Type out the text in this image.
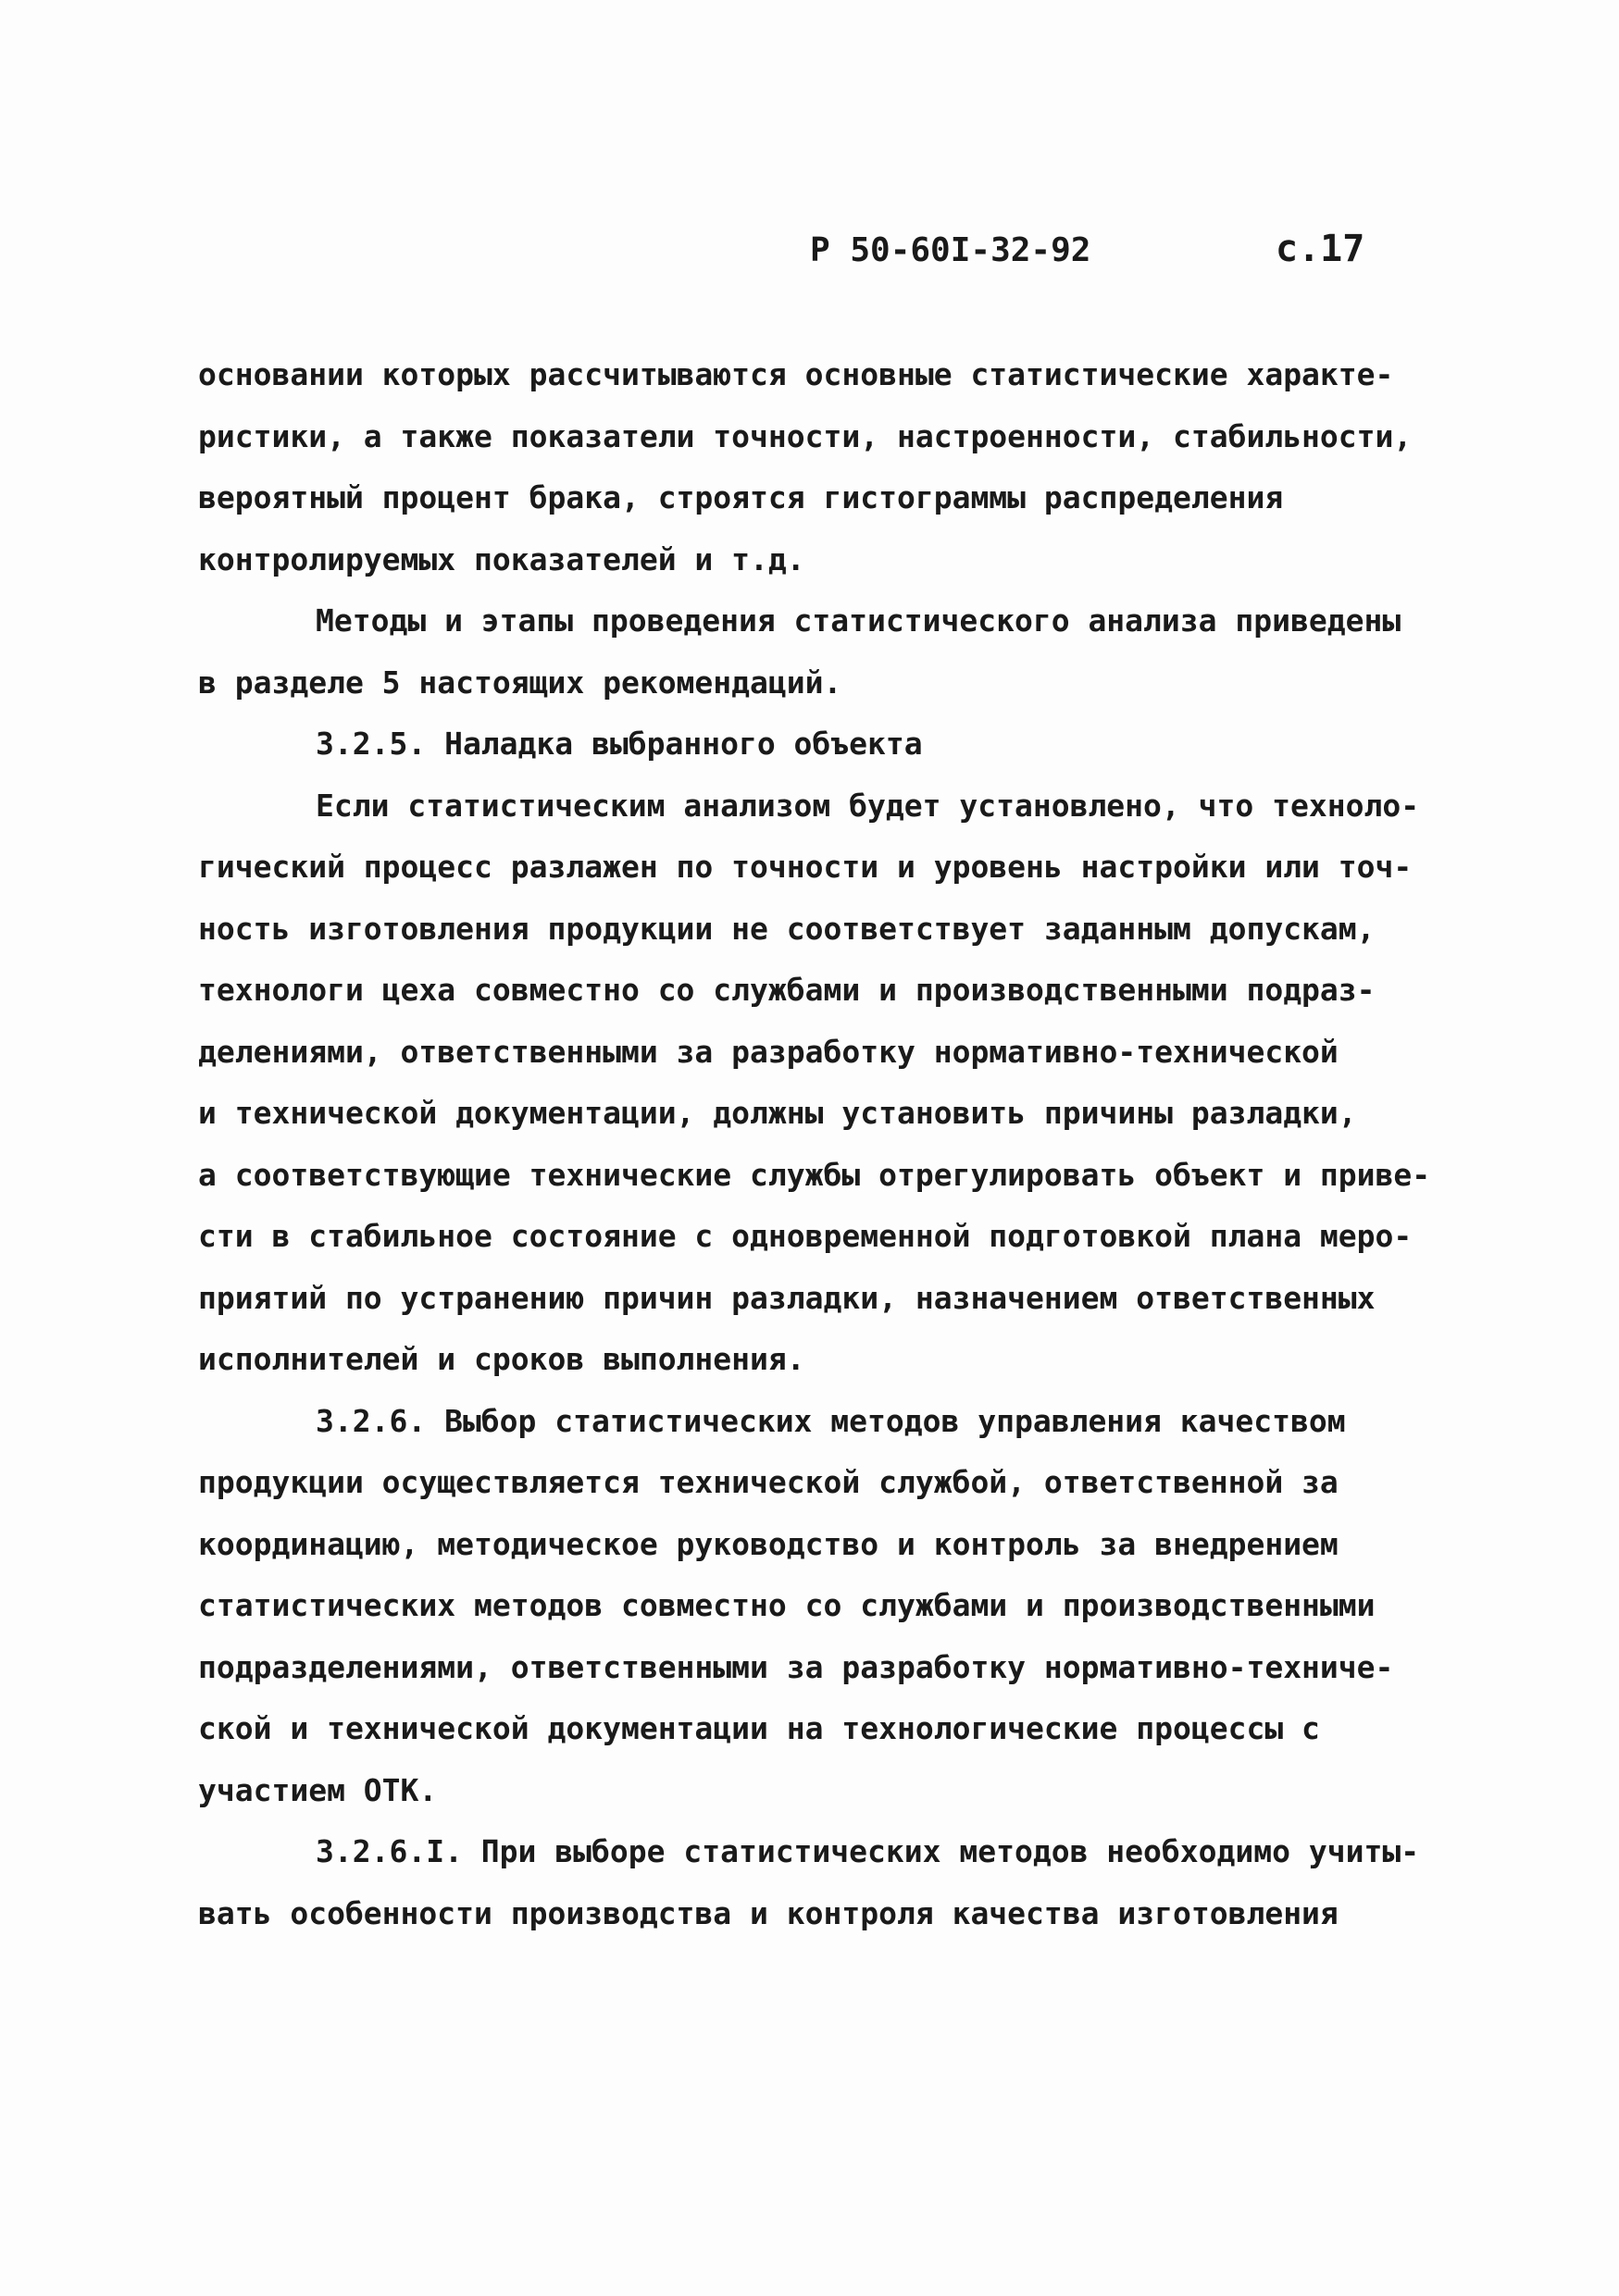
Р 50-60I-32-92	с.17
основании которых рассчитываются основные статистические характе-
ристики, а также показатели точности, настроенности, стабильности,
вероятный процент брака, строятся гистограммы распределения
контролируемых показателей и т.д.
Методы и этапы проведения статистического анализа приведены
в разделе 5 настоящих рекомендаций.
3.2.5. Наладка выбранного объекта
Если статистическим анализом будет установлено, что техноло-
гический процесс разлажен по точности и уровень настройки или точ-
ность изготовления продукции не соответствует заданным допускам,
технологи цеха совместно со службами и производственными подраз-
делениями, ответственными за разработку нормативно-технической
и технической документации, должны установить причины разладки,
а соответствующие технические службы отрегулировать объект и приве-
сти в стабильное состояние с одновременной подготовкой плана меро-
приятий по устранению причин разладки, назначением ответственных
исполнителей и сроков выполнения.
3.2.6. Выбор статистических методов управления качеством
продукции осуществляется технической службой, ответственной за
координацию, методическое руководство и контроль за внедрением
статистических методов совместно со службами и производственными
подразделениями, ответственными за разработку нормативно-техниче-
ской и технической документации на технологические процессы с
участием ОТК.
3.2.6.I. При выборе статистических методов необходимо учиты-
вать особенности производства и контроля качества изготовления
